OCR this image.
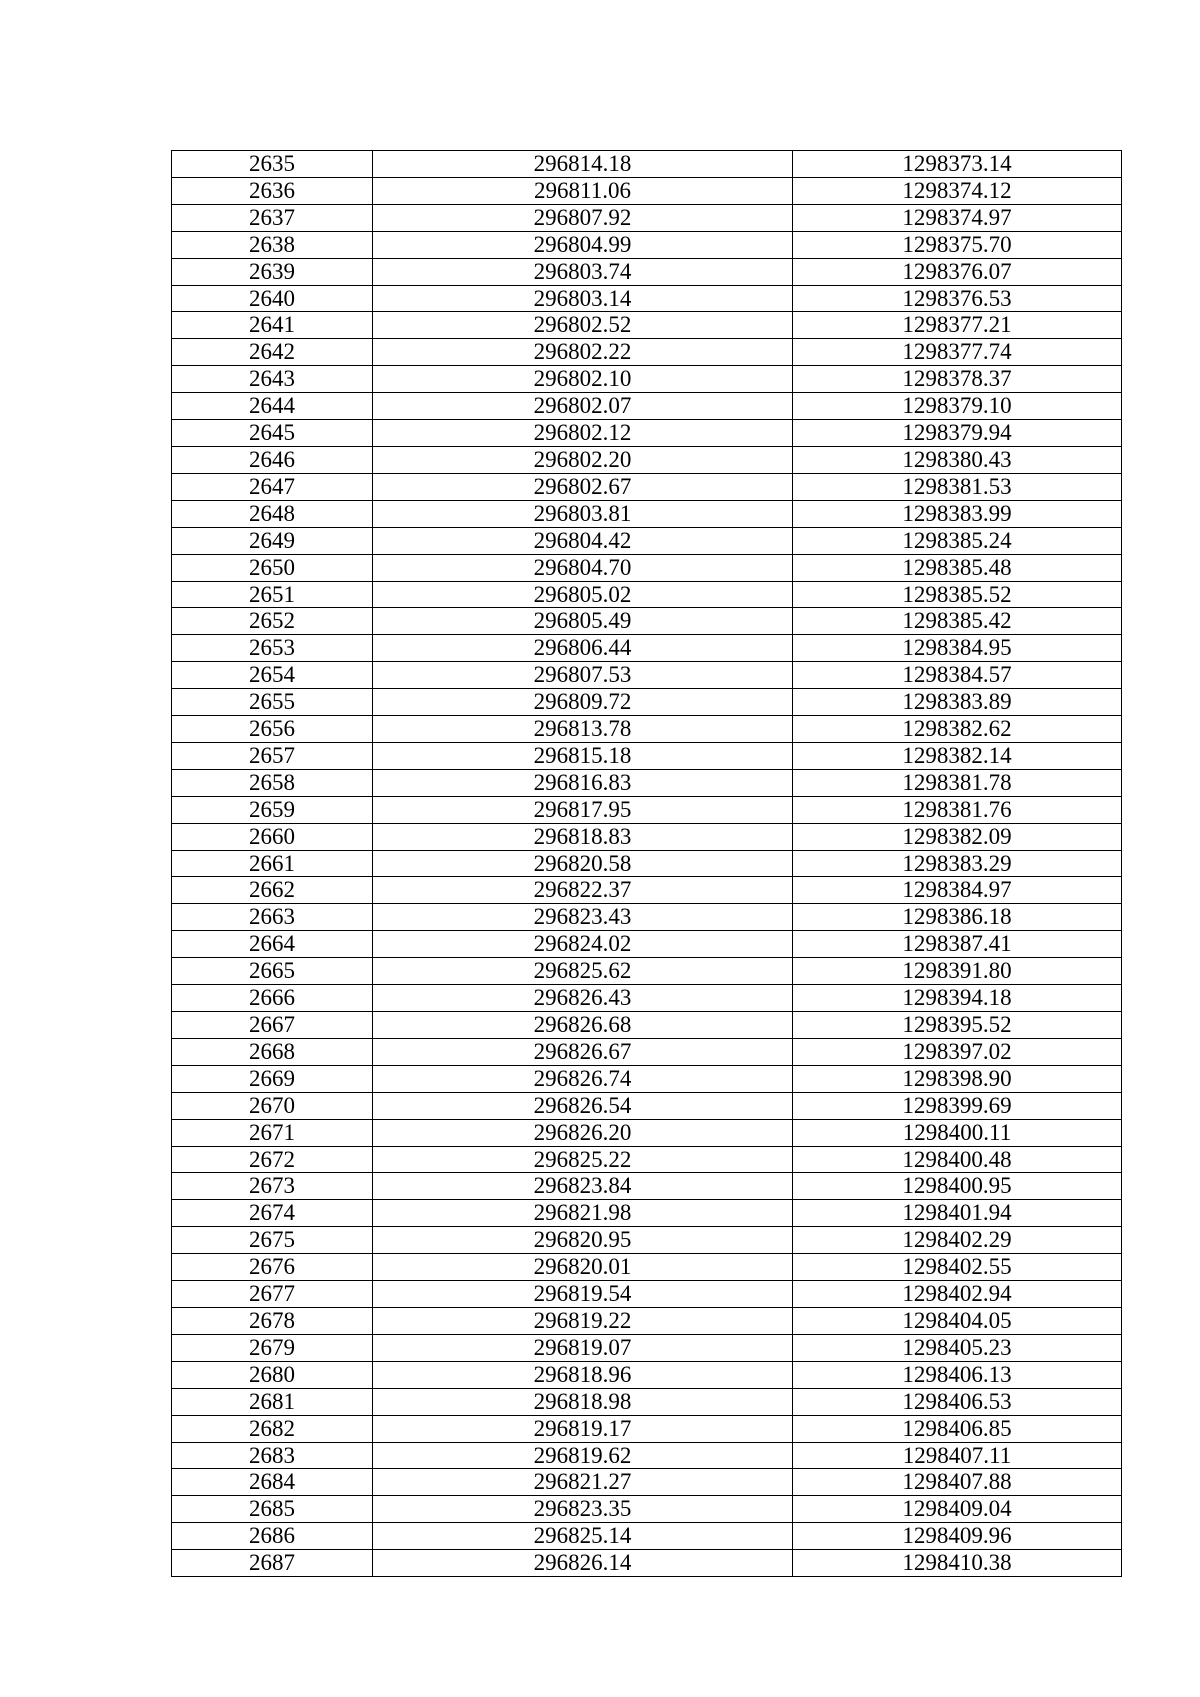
2635	296814.18	1298373.14
2636	296811.06	1298374.12
2637	296807.92	1298374.97
2638	296804.99	1298375.70
2639	296803.74	1298376.07
2640	296803.14	1298376.53
2641	296802.52	1298377.21
2642	296802.22	1298377.74
2643	296802.10	1298378.37
2644	296802.07	1298379.10
2645	296802.12	1298379.94
2646	296802.20	1298380.43
2647	296802.67	1298381.53
2648	296803.81	1298383.99
2649	296804.42	1298385.24
2650	296804.70	1298385.48
2651	296805.02	1298385.52
2652	296805.49	1298385.42
2653	296806.44	1298384.95
2654	296807.53	1298384.57
2655	296809.72	1298383.89
2656	296813.78	1298382.62
2657	296815.18	1298382.14
2658	296816.83	1298381.78
2659	296817.95	1298381.76
2660	296818.83	1298382.09
2661	296820.58	1298383.29
2662	296822.37	1298384.97
2663	296823.43	1298386.18
2664	296824.02	1298387.41
2665	296825.62	1298391.80
2666	296826.43	1298394.18
2667	296826.68	1298395.52
2668	296826.67	1298397.02
2669	296826.74	1298398.90
2670	296826.54	1298399.69
2671	296826.20	1298400.11
2672	296825.22	1298400.48
2673	296823.84	1298400.95
2674	296821.98	1298401.94
2675	296820.95	1298402.29
2676	296820.01	1298402.55
2677	296819.54	1298402.94
2678	296819.22	1298404.05
2679	296819.07	1298405.23
2680	296818.96	1298406.13
2681	296818.98	1298406.53
2682	296819.17	1298406.85
2683	296819.62	1298407.11
2684	296821.27	1298407.88
2685	296823.35	1298409.04
2686	296825.14	1298409.96
2687	296826.14	1298410.38
